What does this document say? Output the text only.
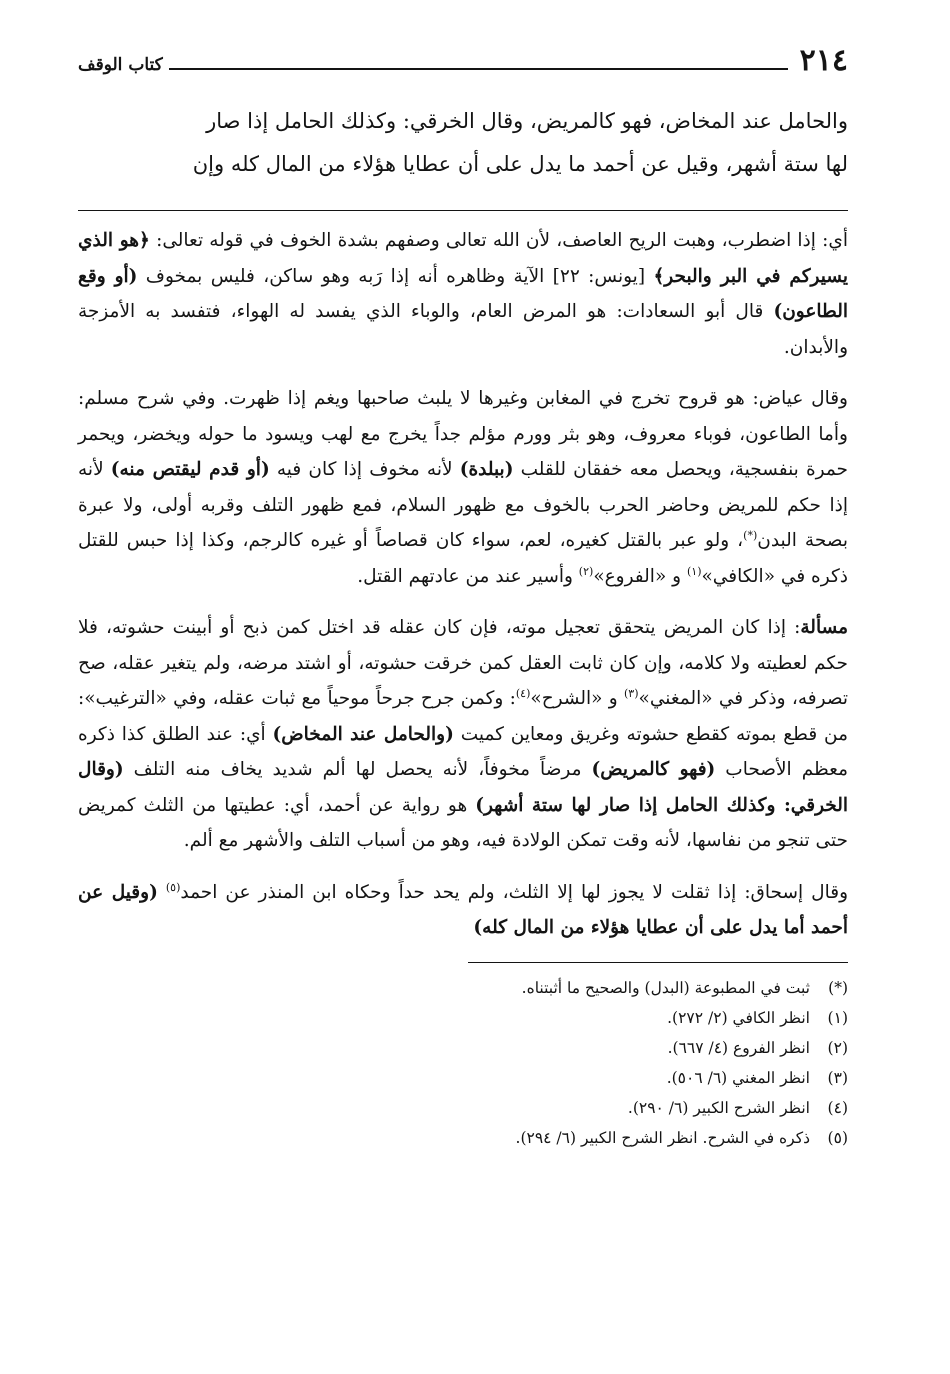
٢١٤
كتاب الوقف

والحامل عند المخاض، فهو كالمريض، وقال الخرقي: وكذلك الحامل إذا صار

لها ستة أشهر، وقيل عن أحمد ما يدل على أن عطايا هؤلاء من المال كله وإن

أي: إذا اضطرب، وهبت الريح العاصف، لأن الله تعالى وصفهم بشدة الخوف في قوله تعالى: ﴿هو الذي يسيركم في البر والبحر﴾ [يونس: ٢٢] الآية وظاهره أنه إذا رَبه وهو ساكن، فليس بمخوف (أو وقع الطاعون) قال أبو السعادات: هو المرض العام، والوباء الذي يفسد له الهواء، فتفسد به الأمزجة والأبدان.

وقال عياض: هو قروح تخرج في المغابن وغيرها لا يلبث صاحبها ويغم إذا ظهرت. وفي شرح مسلم: وأما الطاعون، فوباء معروف، وهو بثر وورم مؤلم جداً يخرج مع لهب ويسود ما حوله ويخضر، ويحمر حمرة بنفسجية، ويحصل معه خفقان للقلب (ببلدة) لأنه مخوف إذا كان فيه (أو قدم ليقتص منه) لأنه إذا حكم للمريض وحاضر الحرب بالخوف مع ظهور السلام، فمع ظهور التلف وقربه أولى، ولا عبرة بصحة البدن(*)، ولو عبر بالقتل كغيره، لعم، سواء كان قصاصاً أو غيره كالرجم، وكذا إذا حبس للقتل ذكره في «الكافي»$^{(١)}$ و «الفروع»$^{(٢)}$ وأسير عند من عادتهم القتل.

مسألة: إذا كان المريض يتحقق تعجيل موته، فإن كان عقله قد اختل كمن ذبح أو أبينت حشوته، فلا حكم لعطيته ولا كلامه، وإن كان ثابت العقل كمن خرقت حشوته، أو اشتد مرضه، ولم يتغير عقله، صح تصرفه، وذكر في «المغني»$^{(٣)}$ و «الشرح»$^{(٤)}$: وكمن جرح جرحاً موحياً مع ثبات عقله، وفي «الترغيب»: من قطع بموته كقطع حشوته وغريق ومعاين كميت (والحامل عند المخاض) أي: عند الطلق كذا ذكره معظم الأصحاب (فهو كالمريض) مرضاً مخوفاً، لأنه يحصل لها ألم شديد يخاف منه التلف (وقال الخرقي: وكذلك الحامل إذا صار لها ستة أشهر) هو رواية عن أحمد، أي: عطيتها من الثلث كمريض حتى تنجو من نفاسها، لأنه وقت تمكن الولادة فيه، وهو من أسباب التلف والأشهر مع ألم.

وقال إسحاق: إذا ثقلت لا يجوز لها إلا الثلث، ولم يحد حداً وحكاه ابن المنذر عن احمد$^{(٥)}$ (وقيل عن أحمد أما يدل على أن عطايا هؤلاء من المال كله)

(*)ثبت في المطبوعة (البدل) والصحيح ما أثبتناه.

(١)انظر الكافي (٢/ ٢٧٢).

(٢)انظر الفروع (٤/ ٦٦٧).

(٣)انظر المغني (٦/ ٥٠٦).

(٤)انظر الشرح الكبير (٦/ ٢٩٠).

(٥)ذكره في الشرح. انظر الشرح الكبير (٦/ ٢٩٤).
